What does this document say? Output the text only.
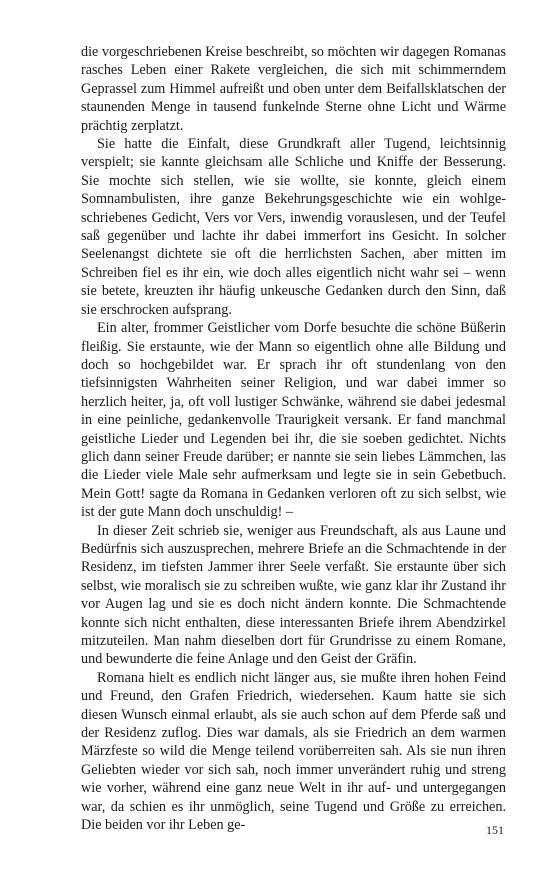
die vorgeschriebenen Kreise beschreibt, so möchten wir dagegen Romanas rasches Leben einer Rakete vergleichen, die sich mit schimmerndem Geprassel zum Himmel aufreißt und oben unter dem Beifallsklatschen der staunenden Menge in tausend funkelnde Sterne ohne Licht und Wärme prächtig zerplatzt.

Sie hatte die Einfalt, diese Grundkraft aller Tugend, leichtsinnig verspielt; sie kannte gleichsam alle Schliche und Kniffe der Besserung. Sie mochte sich stellen, wie sie wollte, sie konnte, gleich einem Somnambulisten, ihre ganze Bekehrungsgeschichte wie ein wohlgeschriebenes Gedicht, Vers vor Vers, inwendig vorauslesen, und der Teufel saß gegenüber und lachte ihr dabei immerfort ins Gesicht. In solcher Seelenangst dichtete sie oft die herrlichsten Sachen, aber mitten im Schreiben fiel es ihr ein, wie doch alles eigentlich nicht wahr sei – wenn sie betete, kreuzten ihr häufig unkeusche Gedanken durch den Sinn, daß sie erschrocken aufsprang.

Ein alter, frommer Geistlicher vom Dorfe besuchte die schöne Büßerin fleißig. Sie erstaunte, wie der Mann so eigentlich ohne alle Bildung und doch so hochgebildet war. Er sprach ihr oft stundenlang von den tiefsinnigsten Wahrheiten seiner Religion, und war dabei immer so herzlich heiter, ja, oft voll lustiger Schwänke, während sie dabei jedesmal in eine peinliche, gedankenvolle Traurigkeit versank. Er fand manchmal geistliche Lieder und Legenden bei ihr, die sie soeben gedichtet. Nichts glich dann seiner Freude darüber; er nannte sie sein liebes Lämmchen, las die Lieder viele Male sehr aufmerksam und legte sie in sein Gebetbuch. Mein Gott! sagte da Romana in Gedanken verloren oft zu sich selbst, wie ist der gute Mann doch unschuldig! –

In dieser Zeit schrieb sie, weniger aus Freundschaft, als aus Laune und Bedürfnis sich auszusprechen, mehrere Briefe an die Schmachtende in der Residenz, im tiefsten Jammer ihrer Seele verfaßt. Sie erstaunte über sich selbst, wie moralisch sie zu schreiben wußte, wie ganz klar ihr Zustand ihr vor Augen lag und sie es doch nicht ändern konnte. Die Schmachtende konnte sich nicht enthalten, diese interessanten Briefe ihrem Abendzirkel mitzuteilen. Man nahm dieselben dort für Grundrisse zu einem Romane, und bewunderte die feine Anlage und den Geist der Gräfin.

Romana hielt es endlich nicht länger aus, sie mußte ihren hohen Feind und Freund, den Grafen Friedrich, wiedersehen. Kaum hatte sie sich diesen Wunsch einmal erlaubt, als sie auch schon auf dem Pferde saß und der Residenz zuflog. Dies war damals, als sie Friedrich an dem warmen Märzfeste so wild die Menge teilend vorüberreiten sah. Als sie nun ihren Geliebten wieder vor sich sah, noch immer unverändert ruhig und streng wie vorher, während eine ganz neue Welt in ihr auf- und untergegangen war, da schien es ihr unmöglich, seine Tugend und Größe zu erreichen. Die beiden vor ihr Leben ge-	151
